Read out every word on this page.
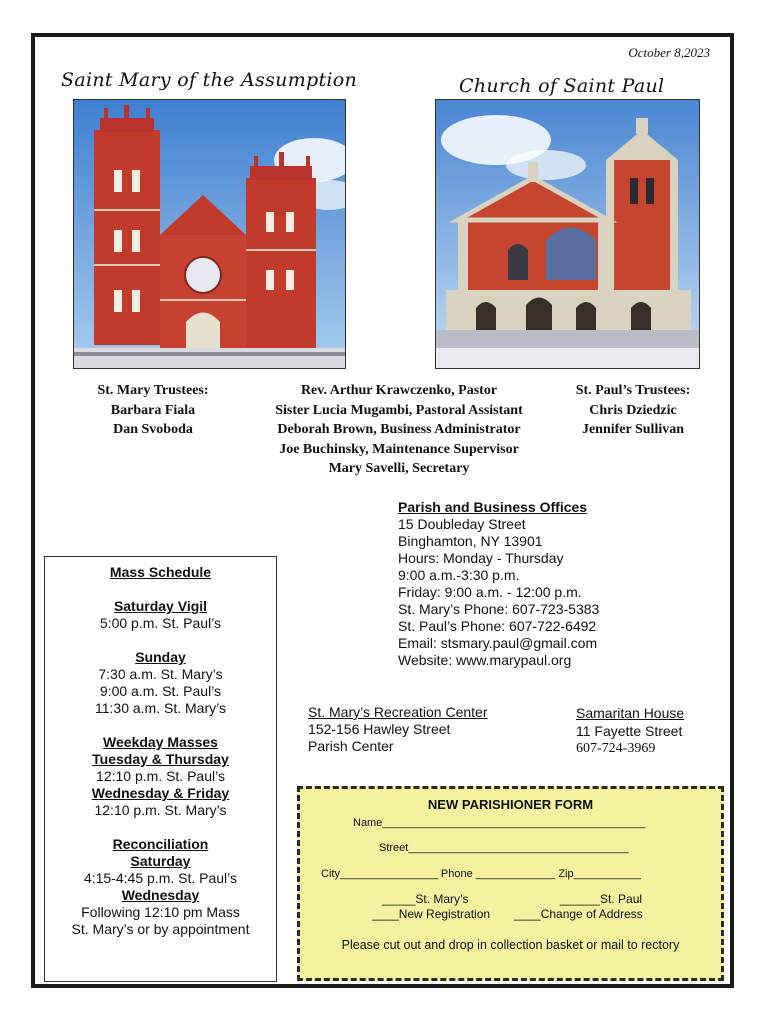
October 8,2023
Saint Mary of the Assumption	Church of Saint Paul
St. Mary Trustees:
Barbara Fiala
Dan Svoboda
Rev. Arthur Krawczenko, Pastor
Sister Lucia Mugambi, Pastoral Assistant
Deborah Brown, Business Administrator
Joe Buchinsky, Maintenance Supervisor
Mary Savelli, Secretary
St. Paul’s Trustees:
Chris Dziedzic
Jennifer Sullivan
Parish and Business Offices
15 Doubleday Street
Binghamton, NY 13901
Hours: Monday - Thursday
9:00 a.m.-3:30 p.m.
Friday: 9:00 a.m. - 12:00 p.m.
St. Mary’s Phone: 607-723-5383
St. Paul’s Phone: 607-722-6492
Email: stsmary.paul@gmail.com
Website: www.marypaul.org
Mass Schedule
Saturday Vigil
5:00 p.m. St. Paul’s
Sunday
7:30 a.m. St. Mary’s
9:00 a.m. St. Paul’s
11:30 a.m. St. Mary’s
Weekday Masses
Tuesday & Thursday
12:10 p.m. St. Paul’s
Wednesday & Friday
12:10 p.m. St. Mary’s
Reconciliation
Saturday
4:15-4:45 p.m. St. Paul’s
Wednesday
Following 12:10 pm Mass
St. Mary’s or by appointment
St. Mary’s Recreation Center
152-156 Hawley Street
Parish Center
Samaritan House
11 Fayette Street
607-724-3969
NEW PARISHIONER FORM
Name___________________________________________
Street____________________________________
City________________ Phone _____________ Zip___________
_____St. Mary’s	______St. Paul
____New Registration ____Change of Address
Please cut out and drop in collection basket or mail to rectory
